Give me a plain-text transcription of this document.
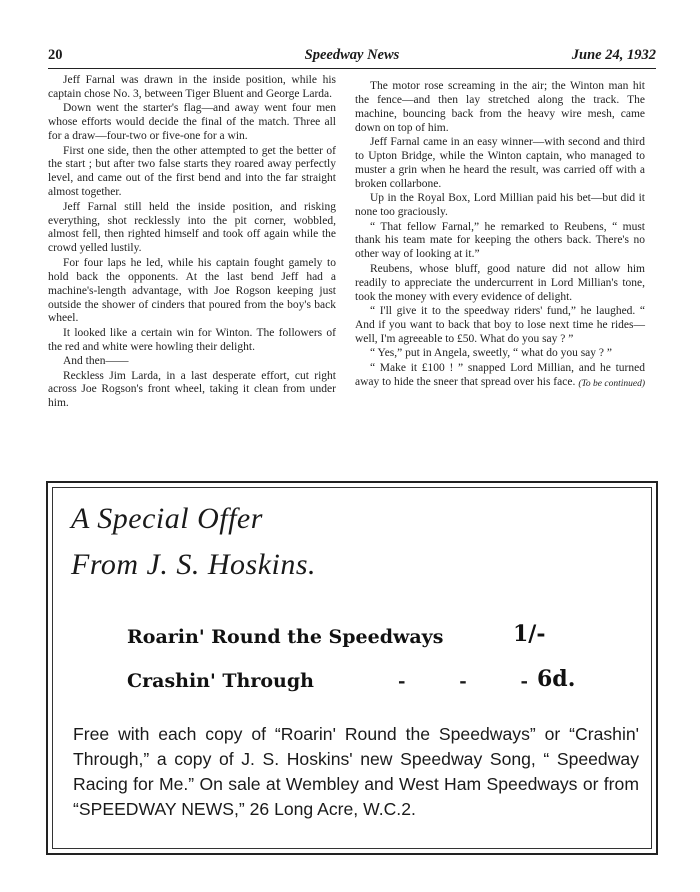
20	Speedway News	June 24, 1932

Jeff Farnal was drawn in the inside position, while his captain chose No. 3, between Tiger Bluent and George Larda.

Down went the starter's flag—and away went four men whose efforts would decide the final of the match. Three all for a draw—four-two or five-one for a win.

First one side, then the other attempted to get the better of the start ; but after two false starts they roared away perfectly level, and came out of the first bend and into the far straight almost together.

Jeff Farnal still held the inside position, and risking everything, shot recklessly into the pit corner, wobbled, almost fell, then righted himself and took off again while the crowd yelled lustily.

For four laps he led, while his captain fought gamely to hold back the opponents. At the last bend Jeff had a machine's-length advantage, with Joe Rogson keeping just outside the shower of cinders that poured from the boy's back wheel.

It looked like a certain win for Winton. The followers of the red and white were howling their delight.

And then——

Reckless Jim Larda, in a last desperate effort, cut right across Joe Rogson's front wheel, taking it clean from under him.

The motor rose screaming in the air; the Winton man hit the fence—and then lay stretched along the track. The machine, bouncing back from the heavy wire mesh, came down on top of him.

Jeff Farnal came in an easy winner—with second and third to Upton Bridge, while the Winton captain, who managed to muster a grin when he heard the result, was carried off with a broken collarbone.

Up in the Royal Box, Lord Millian paid his bet—but did it none too graciously.

“ That fellow Farnal,” he remarked to Reubens, “ must thank his team mate for keeping the others back. There's no other way of looking at it.”

Reubens, whose bluff, good nature did not allow him readily to appreciate the undercurrent in Lord Millian's tone, took the money with every evidence of delight.

“ I'll give it to the speedway riders' fund,” he laughed. “ And if you want to back that boy to lose next time he rides—well, I'm agreeable to £50. What do you say ? ”

“ Yes,” put in Angela, sweetly, “ what do you say ? ”

“ Make it £100 ! ” snapped Lord Millian, and he turned away to hide the sneer that spread over his face. (To be continued)
A Special Offer
From J. S. Hoskins.
Roarin' Round the Speedways	1/-
Crashin' Through	-	-	- 6d.
Free with each copy of “Roarin' Round the Speedways” or “Crashin' Through,” a copy of J. S. Hoskins' new Speedway Song, “ Speedway Racing for Me.” On sale at Wembley and West Ham Speedways or from “SPEEDWAY NEWS,” 26 Long Acre, W.C.2.
